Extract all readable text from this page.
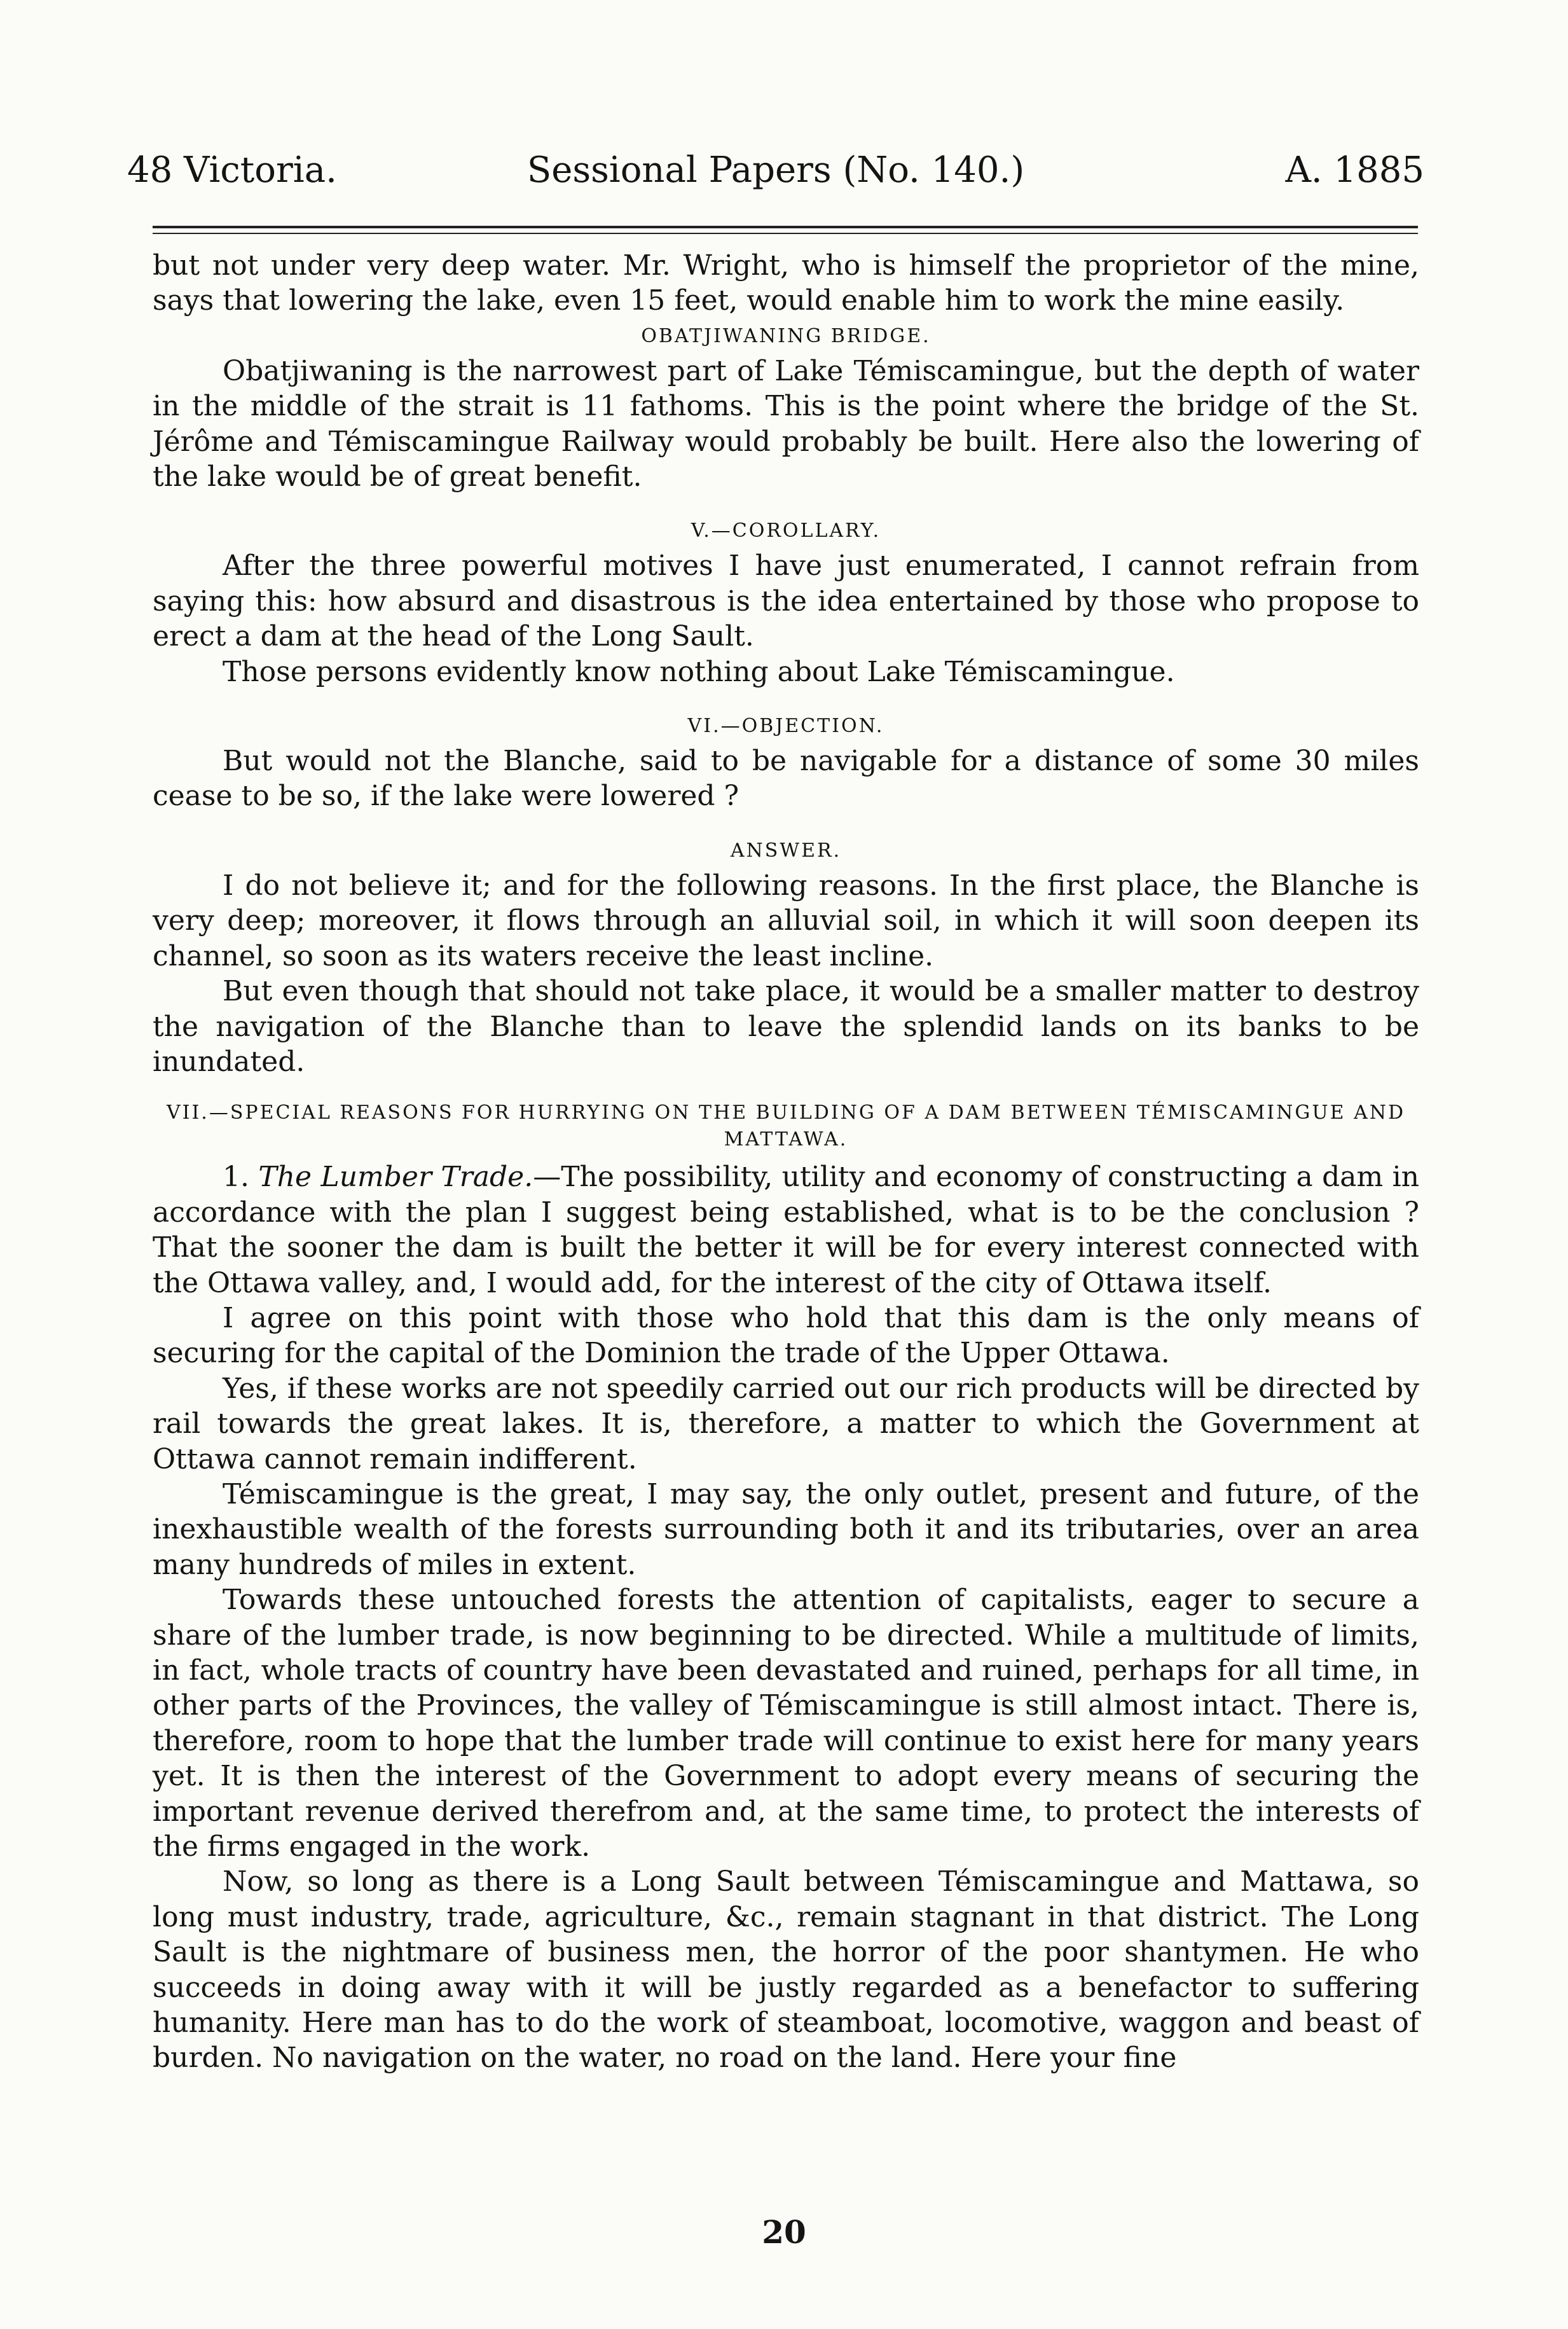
48 Victoria.	Sessional Papers (No. 140.)	A. 1885

but not under very deep water. Mr. Wright, who is himself the proprietor of the mine, says that lowering the lake, even 15 feet, would enable him to work the mine easily.

OBATJIWANING BRIDGE.

Obatjiwaning is the narrowest part of Lake Témiscamingue, but the depth of water in the middle of the strait is 11 fathoms. This is the point where the bridge of the St. Jérôme and Témiscamingue Railway would probably be built. Here also the lowering of the lake would be of great benefit.

V.—COROLLARY.

After the three powerful motives I have just enumerated, I cannot refrain from saying this: how absurd and disastrous is the idea entertained by those who propose to erect a dam at the head of the Long Sault.

Those persons evidently know nothing about Lake Témiscamingue.

VI.—OBJECTION.

But would not the Blanche, said to be navigable for a distance of some 30 miles cease to be so, if the lake were lowered ?

ANSWER.

I do not believe it; and for the following reasons. In the first place, the Blanche is very deep; moreover, it flows through an alluvial soil, in which it will soon deepen its channel, so soon as its waters receive the least incline.

But even though that should not take place, it would be a smaller matter to destroy the navigation of the Blanche than to leave the splendid lands on its banks to be inundated.

VII.—SPECIAL REASONS FOR HURRYING ON THE BUILDING OF A DAM BETWEEN TÉMISCAMINGUE AND MATTAWA.

1. The Lumber Trade.—The possibility, utility and economy of constructing a dam in accordance with the plan I suggest being established, what is to be the conclusion ? That the sooner the dam is built the better it will be for every interest connected with the Ottawa valley, and, I would add, for the interest of the city of Ottawa itself.

I agree on this point with those who hold that this dam is the only means of securing for the capital of the Dominion the trade of the Upper Ottawa.

Yes, if these works are not speedily carried out our rich products will be directed by rail towards the great lakes. It is, therefore, a matter to which the Government at Ottawa cannot remain indifferent.

Témiscamingue is the great, I may say, the only outlet, present and future, of the inexhaustible wealth of the forests surrounding both it and its tributaries, over an area many hundreds of miles in extent.

Towards these untouched forests the attention of capitalists, eager to secure a share of the lumber trade, is now beginning to be directed. While a multitude of limits, in fact, whole tracts of country have been devastated and ruined, perhaps for all time, in other parts of the Provinces, the valley of Témiscamingue is still almost intact. There is, therefore, room to hope that the lumber trade will continue to exist here for many years yet. It is then the interest of the Government to adopt every means of securing the important revenue derived therefrom and, at the same time, to protect the interests of the firms engaged in the work.

Now, so long as there is a Long Sault between Témiscamingue and Mattawa, so long must industry, trade, agriculture, &c., remain stagnant in that district. The Long Sault is the nightmare of business men, the horror of the poor shantymen. He who succeeds in doing away with it will be justly regarded as a benefactor to suffering humanity. Here man has to do the work of steamboat, locomotive, waggon and beast of burden. No navigation on the water, no road on the land. Here your fine

20
